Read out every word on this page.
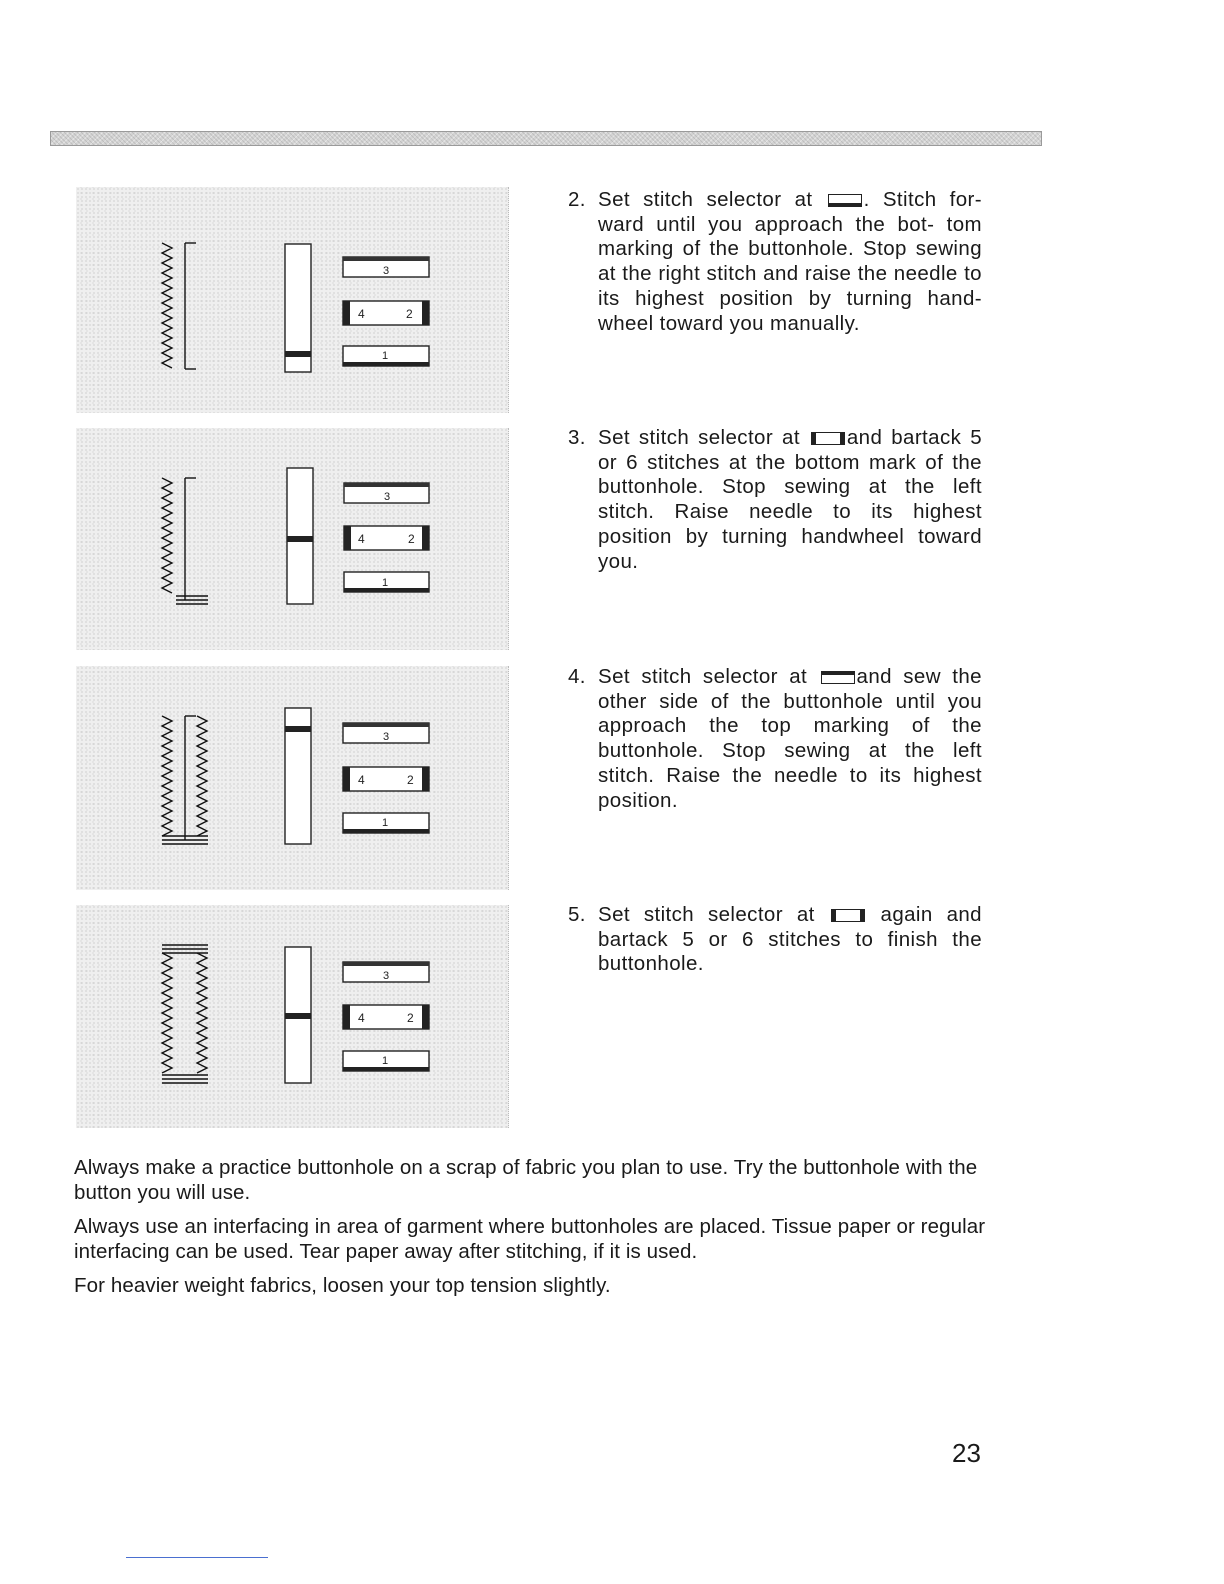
3
4	2
1
3
4	2
1
3
4	2
1
3
4	2
1
2. Set stitch selector at . Stitch for- ward until you approach the bot- tom marking of the buttonhole. Stop sewing at the right stitch and raise the needle to its highest position by turning hand-wheel toward you manually.
3. Set stitch selector at and bartack 5 or 6 stitches at the bottom mark of the buttonhole. Stop sewing at the left stitch. Raise needle to its highest position by turning handwheel toward you.
4. Set stitch selector at and sew the other side of the buttonhole until you approach the top marking of the buttonhole. Stop sewing at the left stitch. Raise the needle to its highest position.
5. Set stitch selector at	again and bartack 5 or 6 stitches to finish the buttonhole.

Always make a practice buttonhole on a scrap of fabric you plan to use. Try the buttonhole with the button you will use.

Always use an interfacing in area of garment where buttonholes are placed. Tissue paper or regular interfacing can be used. Tear paper away after stitching, if it is used.

For heavier weight fabrics, loosen your top tension slightly.

23
